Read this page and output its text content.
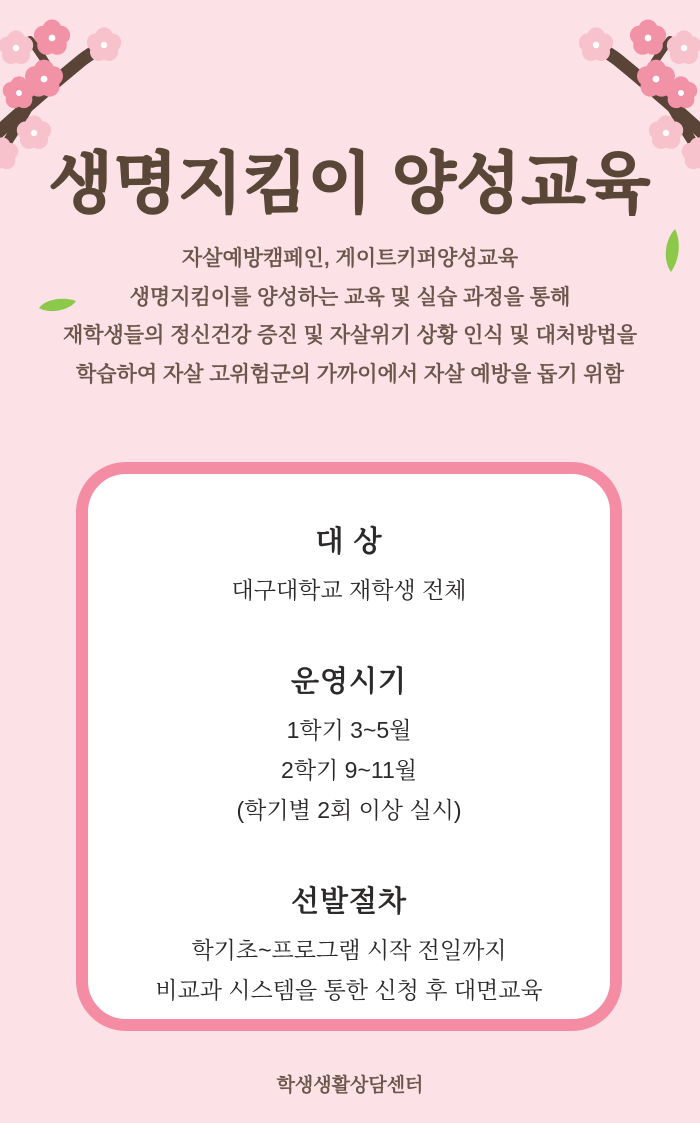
생명지킴이 양성교육
자살예방캠페인, 게이트키퍼양성교육
생명지킴이를 양성하는 교육 및 실습 과정을 통해
재학생들의 정신건강 증진 및 자살위기 상황 인식 및 대처방법을
학습하여 자살 고위험군의 가까이에서 자살 예방을 돕기 위함
대 상
대구대학교 재학생 전체
운영시기
1학기 3~5월
2학기 9~11월
(학기별 2회 이상 실시)
선발절차
학기초~프로그램 시작 전일까지
비교과 시스템을 통한 신청 후 대면교육
학생생활상담센터
